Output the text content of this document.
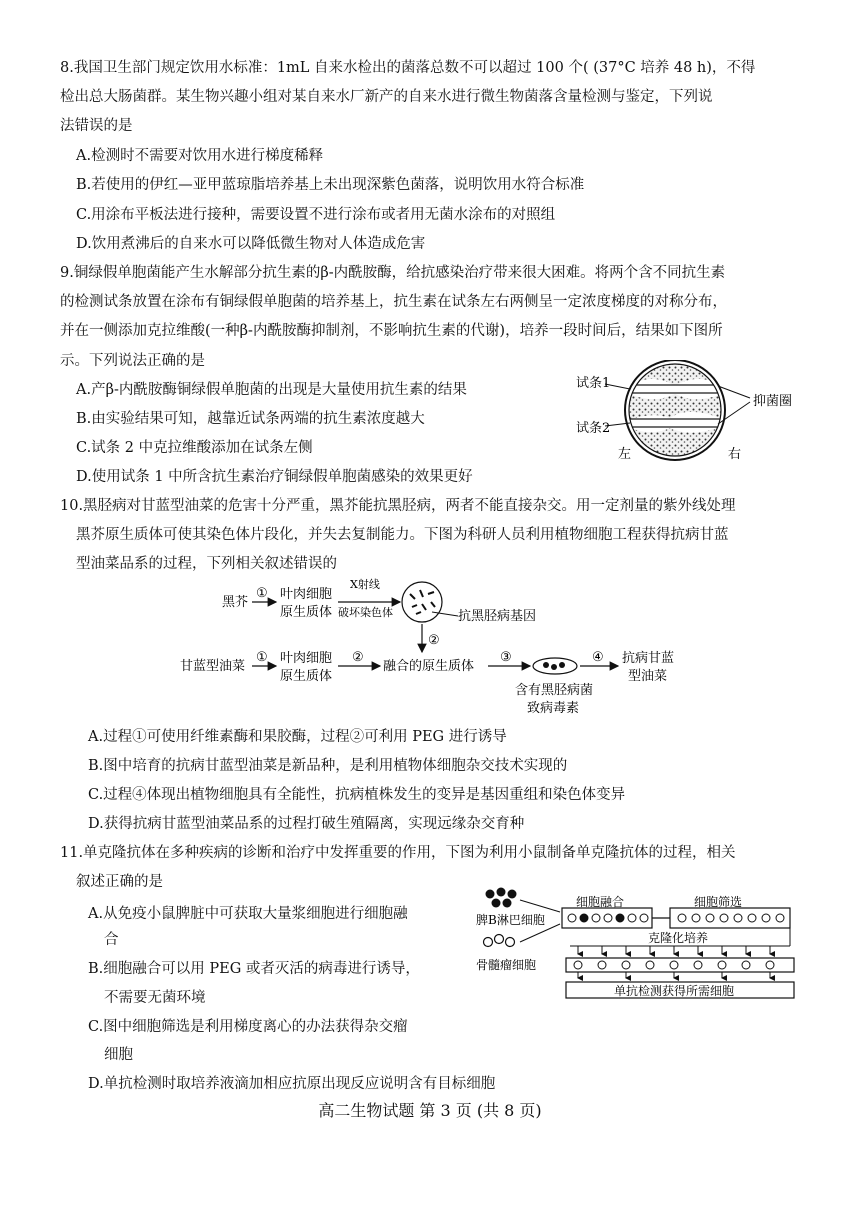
8.我国卫生部门规定饮用水标准：1mL 自来水检出的菌落总数不可以超过 100 个( (37°C 培养 48 h)，不得
检出总大肠菌群。某生物兴趣小组对某自来水厂新产的自来水进行微生物菌落含量检测与鉴定，下列说
法错误的是
A.检测时不需要对饮用水进行梯度稀释
B.若使用的伊红—亚甲蓝琼脂培养基上未出现深紫色菌落，说明饮用水符合标准
C.用涂布平板法进行接种，需要设置不进行涂布或者用无菌水涂布的对照组
D.饮用煮沸后的自来水可以降低微生物对人体造成危害
9.铜绿假单胞菌能产生水解部分抗生素的β-内酰胺酶，给抗感染治疗带来很大困难。将两个含不同抗生素
的检测试条放置在涂布有铜绿假单胞菌的培养基上，抗生素在试条左右两侧呈一定浓度梯度的对称分布，
并在一侧添加克拉维酸(一种β-内酰胺酶抑制剂，不影响抗生素的代谢)，培养一段时间后，结果如下图所
示。下列说法正确的是
A.产β-内酰胺酶铜绿假单胞菌的出现是大量使用抗生素的结果
B.由实验结果可知，越靠近试条两端的抗生素浓度越大
C.试条 2 中克拉维酸添加在试条左侧
D.使用试条 1 中所含抗生素治疗铜绿假单胞菌感染的效果更好
试条1
试条2
抑菌圈
左	右
10.黑胫病对甘蓝型油菜的危害十分严重，黑芥能抗黑胫病，两者不能直接杂交。用一定剂量的紫外线处理
黑芥原生质体可使其染色体片段化，并失去复制能力。下图为科研人员利用植物细胞工程获得抗病甘蓝
型油菜品系的过程，下列相关叙述错误的
黑芥
① 叶肉细胞
原生质体
X射线
破坏染色体	抗黑胫病基因
②
甘蓝型油菜
① 叶肉细胞
原生质体
②
融合的原生质体
③
含有黑胫病菌
致病毒素
④ 抗病甘蓝
型油菜
A.过程①可使用纤维素酶和果胶酶，过程②可利用 PEG 进行诱导
B.图中培育的抗病甘蓝型油菜是新品种，是利用植物体细胞杂交技术实现的
C.过程④体现出植物细胞具有全能性，抗病植株发生的变异是基因重组和染色体变异
D.获得抗病甘蓝型油菜品系的过程打破生殖隔离，实现远缘杂交育种
11.单克隆抗体在多种疾病的诊断和治疗中发挥重要的作用，下图为利用小鼠制备单克隆抗体的过程，相关
叙述正确的是
A.从免疫小鼠脾脏中可获取大量浆细胞进行细胞融
合
B.细胞融合可以用 PEG 或者灭活的病毒进行诱导，
不需要无菌环境
C.图中细胞筛选是利用梯度离心的办法获得杂交瘤
细胞
D.单抗检测时取培养液滴加相应抗原出现反应说明含有目标细胞
脾B淋巴细胞
骨髓瘤细胞
细胞融合	细胞筛选
克隆化培养
单抗检测获得所需细胞
高二生物试题 第 3 页 (共 8 页)
